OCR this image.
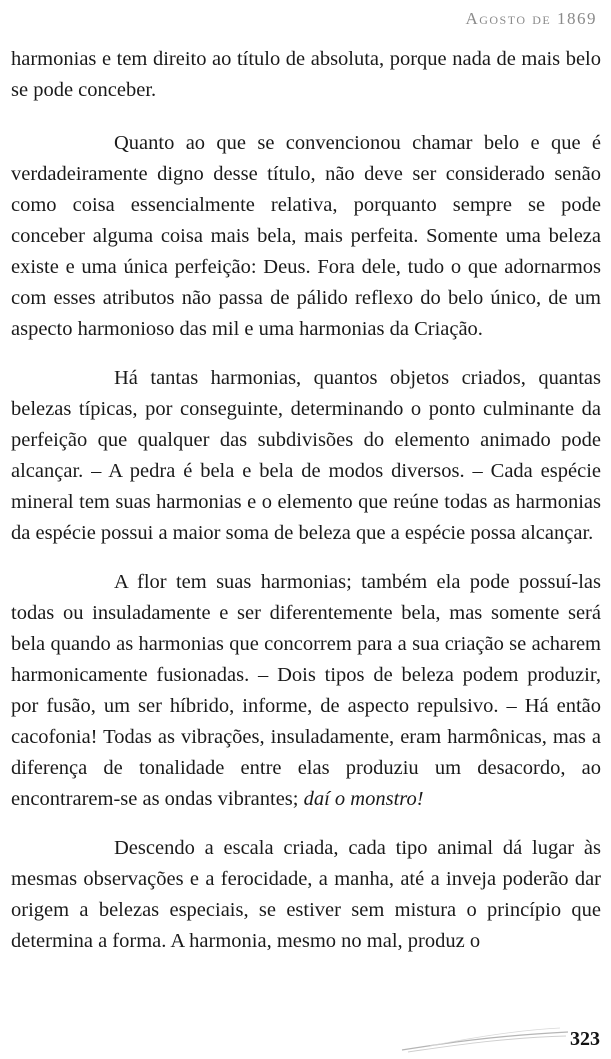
Agosto de 1869

harmonias e tem direito ao título de absoluta, porque nada de mais belo se pode conceber.

Quanto ao que se convencionou chamar belo e que é verdadeiramente digno desse título, não deve ser considerado senão como coisa essencialmente relativa, porquanto sempre se pode conceber alguma coisa mais bela, mais perfeita. Somente uma beleza existe e uma única perfeição: Deus. Fora dele, tudo o que adornarmos com esses atributos não passa de pálido reflexo do belo único, de um aspecto harmonioso das mil e uma harmonias da Criação.

Há tantas harmonias, quantos objetos criados, quantas belezas típicas, por conseguinte, determinando o ponto culminante da perfeição que qualquer das subdivisões do elemento animado pode alcançar. – A pedra é bela e bela de modos diversos. – Cada espécie mineral tem suas harmonias e o elemento que reúne todas as harmonias da espécie possui a maior soma de beleza que a espécie possa alcançar.

A flor tem suas harmonias; também ela pode possuí-las todas ou insuladamente e ser diferentemente bela, mas somente será bela quando as harmonias que concorrem para a sua criação se acharem harmonicamente fusionadas. – Dois tipos de beleza podem produzir, por fusão, um ser híbrido, informe, de aspecto repulsivo. – Há então cacofonia! Todas as vibrações, insuladamente, eram harmônicas, mas a diferença de tonalidade entre elas produziu um desacordo, ao encontrarem-se as ondas vibrantes; daí o monstro!

Descendo a escala criada, cada tipo animal dá lugar às mesmas observações e a ferocidade, a manha, até a inveja poderão dar origem a belezas especiais, se estiver sem mistura o princípio que determina a forma. A harmonia, mesmo no mal, produz o

323
